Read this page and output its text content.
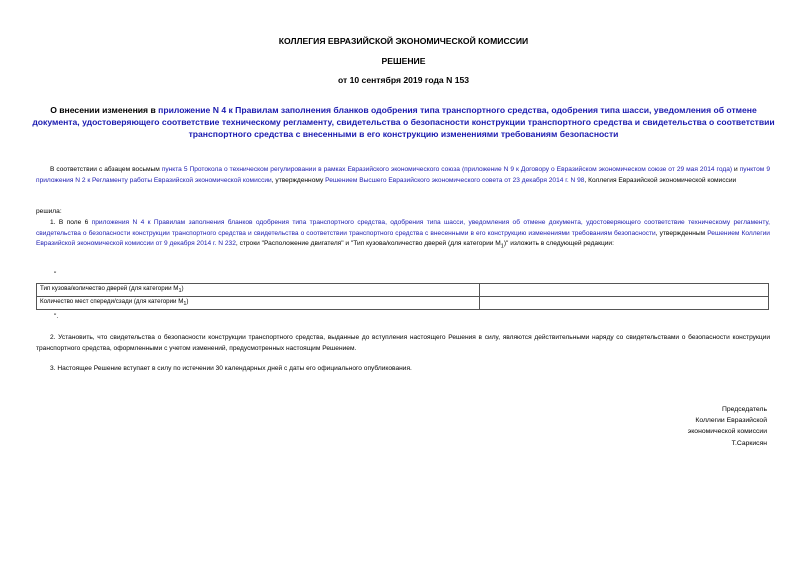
КОЛЛЕГИЯ ЕВРАЗИЙСКОЙ ЭКОНОМИЧЕСКОЙ КОМИССИИ
РЕШЕНИЕ
от 10 сентября 2019 года N 153
О внесении изменения в приложение N 4 к Правилам заполнения бланков одобрения типа транспортного средства, одобрения типа шасси, уведомления об отмене документа, удостоверяющего соответствие техническому регламенту, свидетельства о безопасности конструкции транспортного средства и свидетельства о соответствии транспортного средства с внесенными в его конструкцию изменениями требованиям безопасности
В соответствии с абзацем восьмым пункта 5 Протокола о техническом регулировании в рамках Евразийского экономического союза (приложение N 9 к Договору о Евразийском экономическом союзе от 29 мая 2014 года) и пунктом 9 приложения N 2 к Регламенту работы Евразийской экономической комиссии, утвержденному Решением Высшего Евразийского экономического совета от 23 декабря 2014 г. N 98, Коллегия Евразийской экономической комиссии
решила:
1. В поле 6 приложения N 4 к Правилам заполнения бланков одобрения типа транспортного средства, одобрения типа шасси, уведомления об отмене документа, удостоверяющего соответствие техническому регламенту, свидетельства о безопасности конструкции транспортного средства и свидетельства о соответствии транспортного средства с внесенными в его конструкцию изменениями требованиям безопасности, утвержденным Решением Коллегии Евразийской экономической комиссии от 9 декабря 2014 г. N 232, строки "Расположение двигателя" и "Тип кузова/количество дверей (для категории $M_1$)" изложить в следующей редакции:
"
Тип кузова/количество дверей (для категории M1)	
Количество мест спереди/сзади (для категории M1)	
".
2. Установить, что свидетельства о безопасности конструкции транспортного средства, выданные до вступления настоящего Решения в силу, являются действительными наряду со свидетельствами о безопасности конструкции транспортного средства, оформленными с учетом изменений, предусмотренных настоящим Решением.
3. Настоящее Решение вступает в силу по истечении 30 календарных дней с даты его официального опубликования.
Председатель
Коллегии Евразийской
экономической комиссии
Т.Саркисян
